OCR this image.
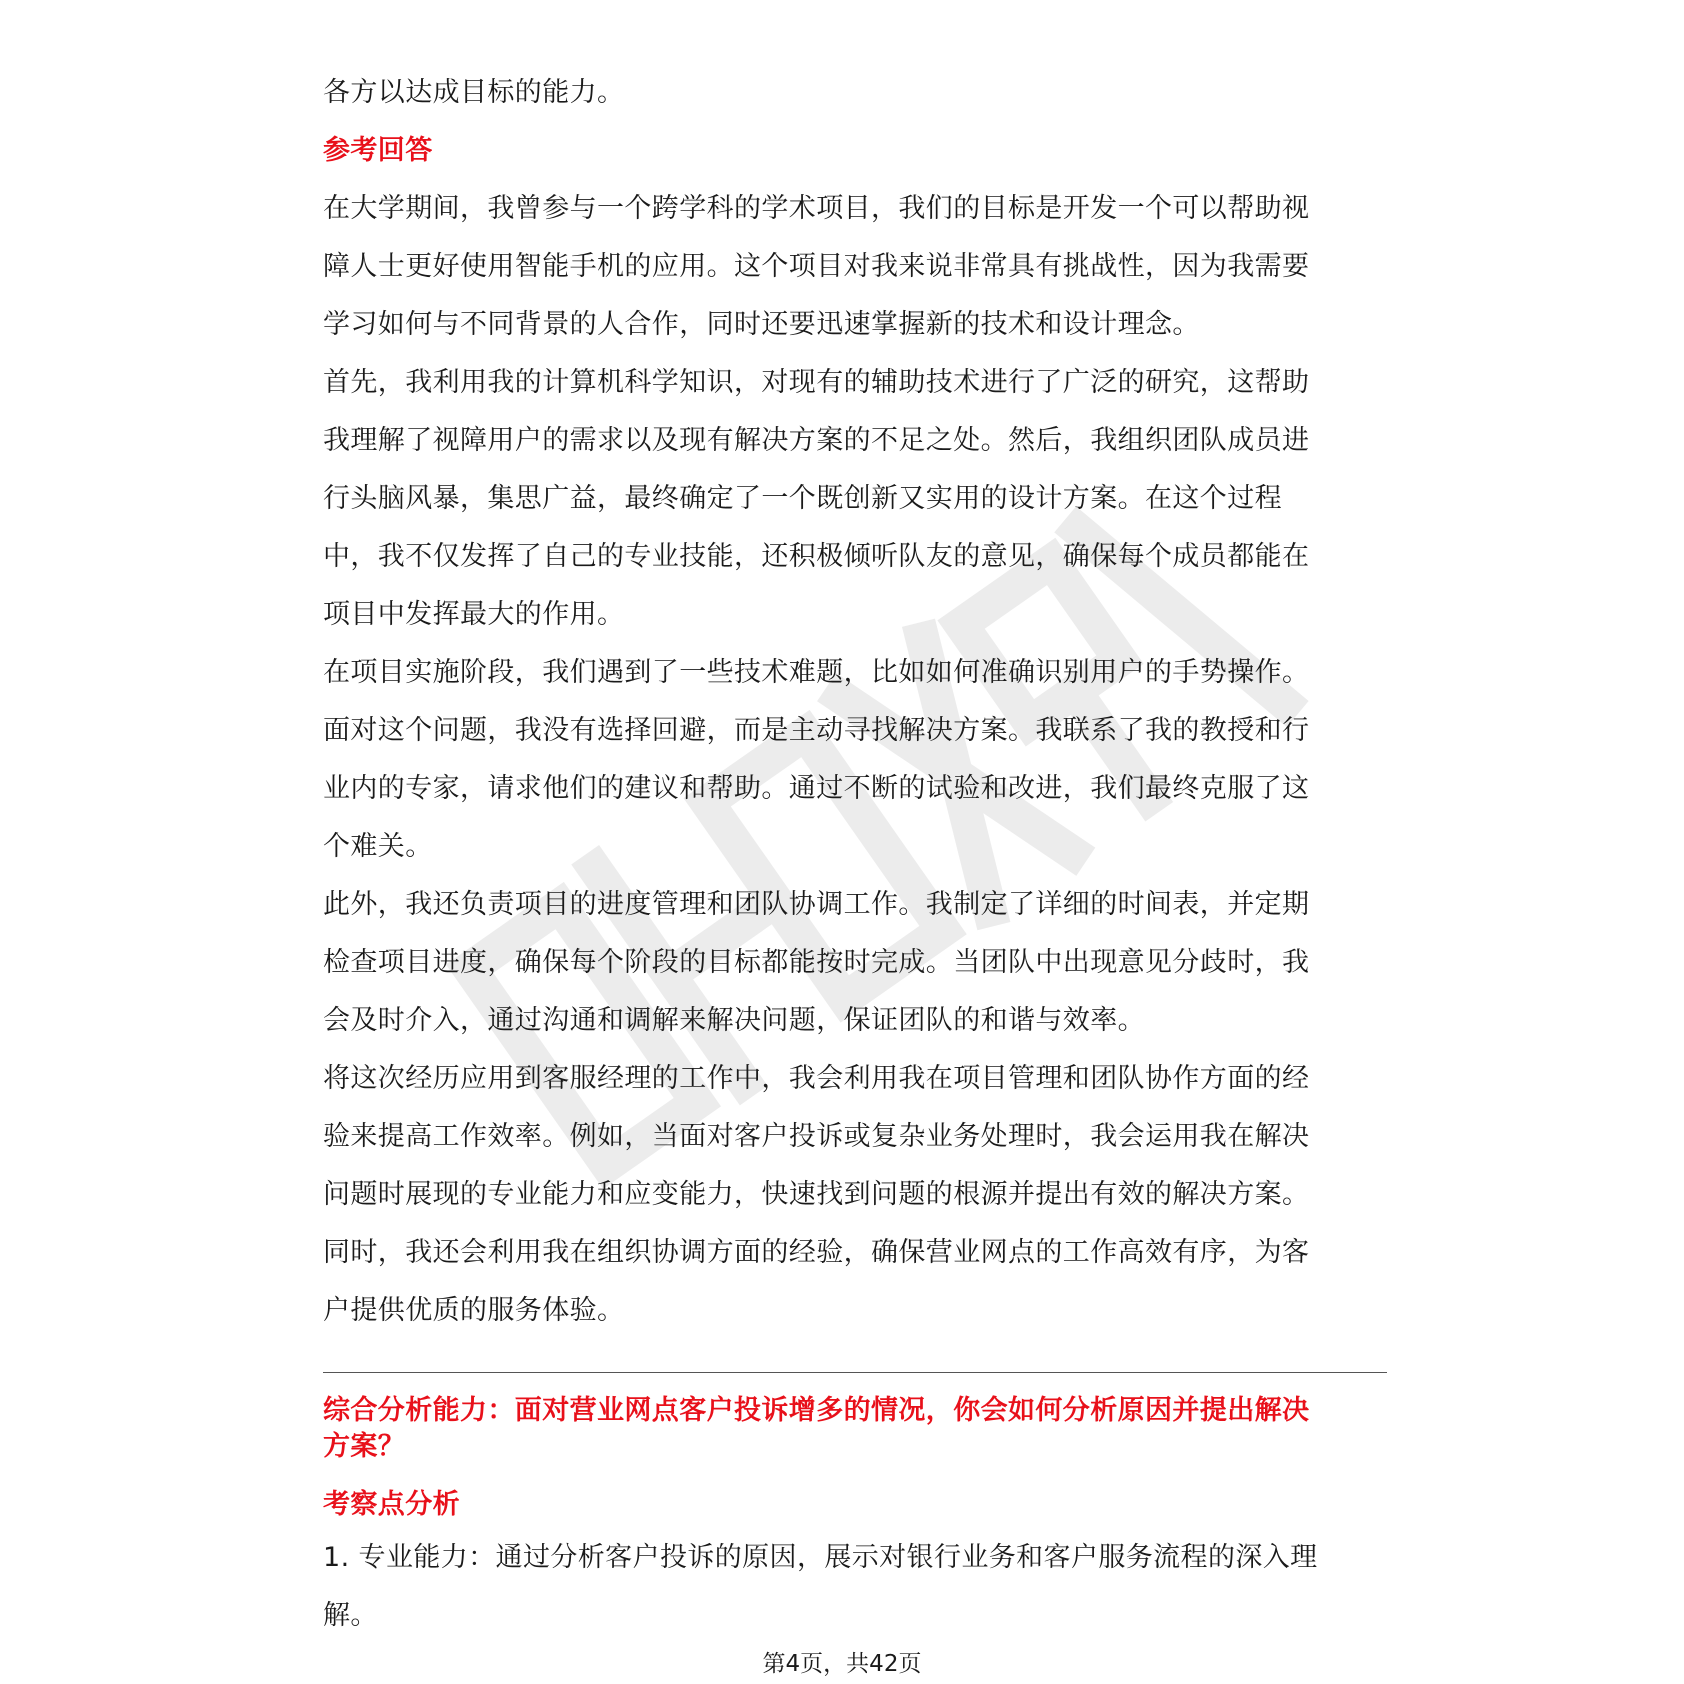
各方以达成目标的能力。
参考回答
在大学期间，我曾参与一个跨学科的学术项目，我们的目标是开发一个可以帮助视
障人士更好使用智能手机的应用。这个项目对我来说非常具有挑战性，因为我需要
学习如何与不同背景的人合作，同时还要迅速掌握新的技术和设计理念。
首先，我利用我的计算机科学知识，对现有的辅助技术进行了广泛的研究，这帮助
我理解了视障用户的需求以及现有解决方案的不足之处。然后，我组织团队成员进
行头脑风暴，集思广益，最终确定了一个既创新又实用的设计方案。在这个过程
中，我不仅发挥了自己的专业技能，还积极倾听队友的意见，确保每个成员都能在
项目中发挥最大的作用。
在项目实施阶段，我们遇到了一些技术难题，比如如何准确识别用户的手势操作。
面对这个问题，我没有选择回避，而是主动寻找解决方案。我联系了我的教授和行
业内的专家，请求他们的建议和帮助。通过不断的试验和改进，我们最终克服了这
个难关。
此外，我还负责项目的进度管理和团队协调工作。我制定了详细的时间表，并定期
检查项目进度，确保每个阶段的目标都能按时完成。当团队中出现意见分歧时，我
会及时介入，通过沟通和调解来解决问题，保证团队的和谐与效率。
将这次经历应用到客服经理的工作中，我会利用我在项目管理和团队协作方面的经
验来提高工作效率。例如，当面对客户投诉或复杂业务处理时，我会运用我在解决
问题时展现的专业能力和应变能力，快速找到问题的根源并提出有效的解决方案。
同时，我还会利用我在组织协调方面的经验，确保营业网点的工作高效有序，为客
户提供优质的服务体验。
综合分析能力：面对营业网点客户投诉增多的情况，你会如何分析原因并提出解决
方案？
考察点分析
1. 专业能力：通过分析客户投诉的原因，展示对银行业务和客户服务流程的深入理
解。
第4页，共42页
